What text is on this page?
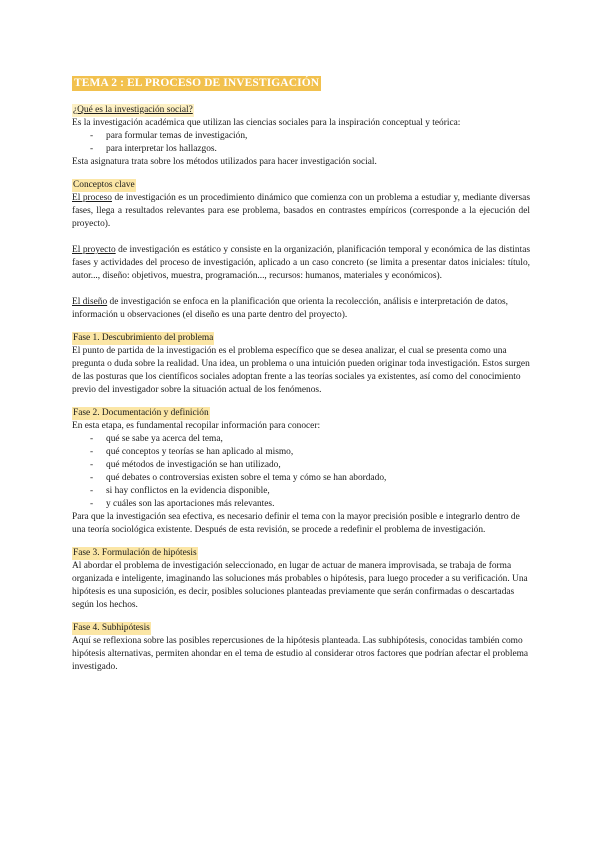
TEMA 2 : EL PROCESO DE INVESTIGACIÓN
¿Qué es la investigación social?

Es la investigación académica que utilizan las ciencias sociales para la inspiración conceptual y teórica:

- para formular temas de investigación,
- para interpretar los hallazgos.

Esta asignatura trata sobre los métodos utilizados para hacer investigación social.

Conceptos clave

El proceso de investigación es un procedimiento dinámico que comienza con un problema a estudiar y, mediante diversas fases, llega a resultados relevantes para ese problema, basados en contrastes empíricos (corresponde a la ejecución del proyecto).

El proyecto de investigación es estático y consiste en la organización, planificación temporal y económica de las distintas fases y actividades del proceso de investigación, aplicado a un caso concreto (se limita a presentar datos iniciales: título, autor..., diseño: objetivos, muestra, programación..., recursos: humanos, materiales y económicos).

El diseño de investigación se enfoca en la planificación que orienta la recolección, análisis e interpretación de datos, información u observaciones (el diseño es una parte dentro del proyecto).

Fase 1. Descubrimiento del problema

El punto de partida de la investigación es el problema específico que se desea analizar, el cual se presenta como una pregunta o duda sobre la realidad. Una idea, un problema o una intuición pueden originar toda investigación. Estos surgen de las posturas que los científicos sociales adoptan frente a las teorías sociales ya existentes, así como del conocimiento previo del investigador sobre la situación actual de los fenómenos.

Fase 2. Documentación y definición

En esta etapa, es fundamental recopilar información para conocer:

- qué se sabe ya acerca del tema,
- qué conceptos y teorías se han aplicado al mismo,
- qué métodos de investigación se han utilizado,
- qué debates o controversias existen sobre el tema y cómo se han abordado,
- si hay conflictos en la evidencia disponible,
- y cuáles son las aportaciones más relevantes.

Para que la investigación sea efectiva, es necesario definir el tema con la mayor precisión posible e integrarlo dentro de una teoría sociológica existente. Después de esta revisión, se procede a redefinir el problema de investigación.

Fase 3. Formulación de hipótesis

Al abordar el problema de investigación seleccionado, en lugar de actuar de manera improvisada, se trabaja de forma organizada e inteligente, imaginando las soluciones más probables o hipótesis, para luego proceder a su verificación. Una hipótesis es una suposición, es decir, posibles soluciones planteadas previamente que serán confirmadas o descartadas según los hechos.

Fase 4. Subhipótesis

Aquí se reflexiona sobre las posibles repercusiones de la hipótesis planteada. Las subhipótesis, conocidas también como hipótesis alternativas, permiten ahondar en el tema de estudio al considerar otros factores que podrían afectar el problema investigado.
